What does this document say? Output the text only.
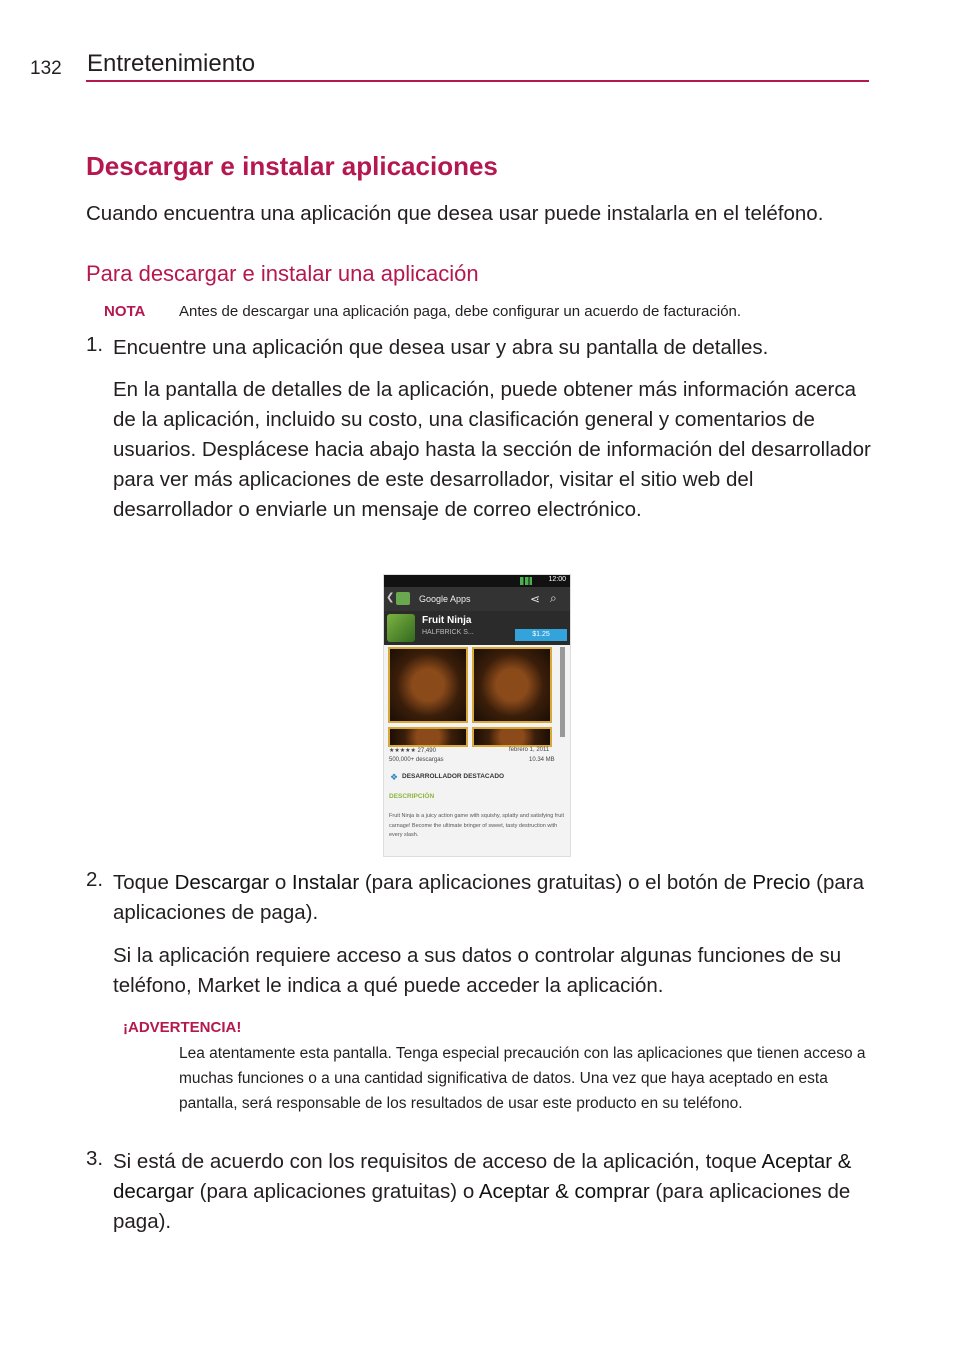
132 Entretenimiento
Descargar e instalar aplicaciones
Cuando encuentra una aplicación que desea usar puede instalarla en el teléfono.
Para descargar e instalar una aplicación
NOTA Antes de descargar una aplicación paga, debe configurar un acuerdo de facturación.
1. Encuentre una aplicación que desea usar y abra su pantalla de detalles.
En la pantalla de detalles de la aplicación, puede obtener más información acerca de la aplicación, incluido su costo, una clasificación general y comentarios de usuarios. Desplácese hacia abajo hasta la sección de información del desarrollador para ver más aplicaciones de este desarrollador, visitar el sitio web del desarrollador o enviarle un mensaje de correo electrónico.
12:00
❮	Google Apps	⋖ ⌕
Fruit Ninja
HALFBRICK S...	$1.25
★★★★★ 27,490	febrero 1, 2011
500,000+ descargas	10.34 MB
❖ DESARROLLADOR DESTACADO
DESCRIPCIÓN
Fruit Ninja is a juicy action game with squishy, splatty and satisfying fruit carnage! Become the ultimate bringer of sweet, tasty destruction with every slash.
2. Toque Descargar o Instalar (para aplicaciones gratuitas) o el botón de Precio (para aplicaciones de paga).
Si la aplicación requiere acceso a sus datos o controlar algunas funciones de su teléfono, Market le indica a qué puede acceder la aplicación.
¡ADVERTENCIA!
Lea atentamente esta pantalla. Tenga especial precaución con las aplicaciones que tienen acceso a muchas funciones o a una cantidad significativa de datos. Una vez que haya aceptado en esta pantalla, será responsable de los resultados de usar este producto en su teléfono.
3. Si está de acuerdo con los requisitos de acceso de la aplicación, toque Aceptar & decargar (para aplicaciones gratuitas) o Aceptar & comprar (para aplicaciones de paga).
